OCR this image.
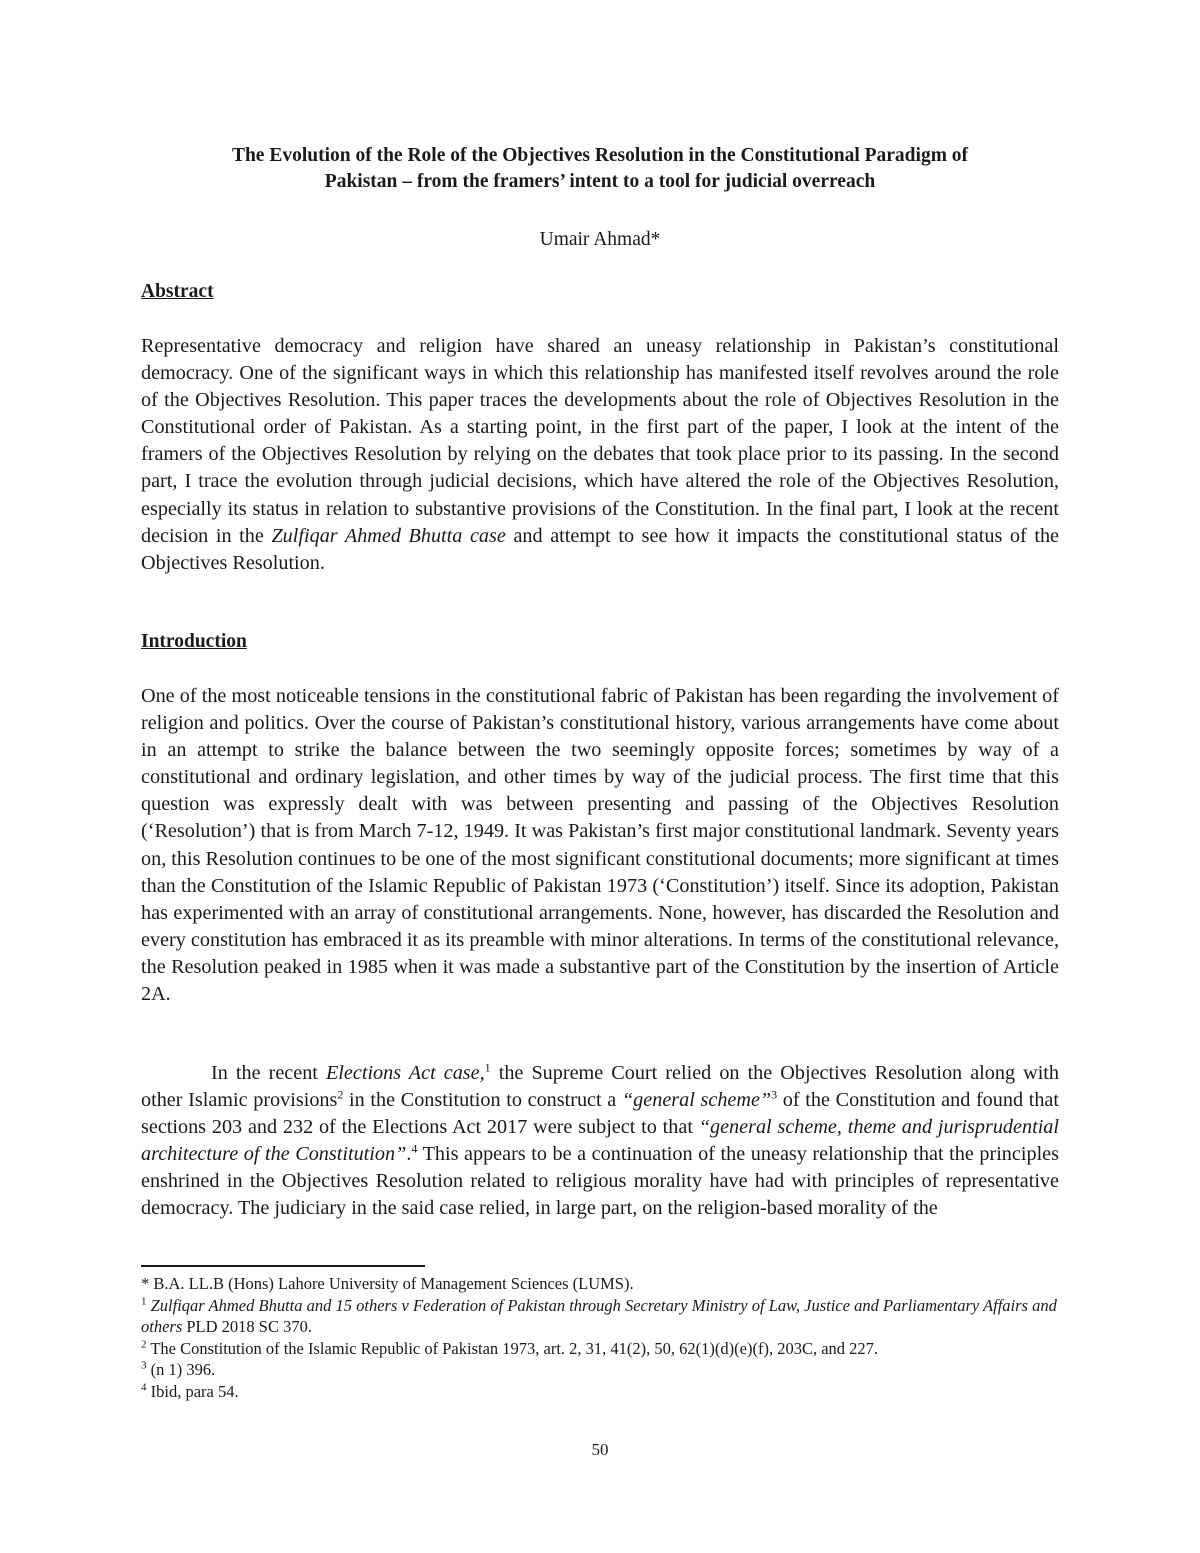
The Evolution of the Role of the Objectives Resolution in the Constitutional Paradigm of
Pakistan – from the framers’ intent to a tool for judicial overreach
Umair Ahmad*
Abstract

Representative democracy and religion have shared an uneasy relationship in Pakistan’s constitutional democracy. One of the significant ways in which this relationship has manifested itself revolves around the role of the Objectives Resolution. This paper traces the developments about the role of Objectives Resolution in the Constitutional order of Pakistan. As a starting point, in the first part of the paper, I look at the intent of the framers of the Objectives Resolution by relying on the debates that took place prior to its passing. In the second part, I trace the evolution through judicial decisions, which have altered the role of the Objectives Resolution, especially its status in relation to substantive provisions of the Constitution. In the final part, I look at the recent decision in the Zulfiqar Ahmed Bhutta case and attempt to see how it impacts the constitutional status of the Objectives Resolution.

Introduction

One of the most noticeable tensions in the constitutional fabric of Pakistan has been regarding the involvement of religion and politics. Over the course of Pakistan’s constitutional history, various arrangements have come about in an attempt to strike the balance between the two seemingly opposite forces; sometimes by way of a constitutional and ordinary legislation, and other times by way of the judicial process. The first time that this question was expressly dealt with was between presenting and passing of the Objectives Resolution (‘Resolution’) that is from March 7-12, 1949. It was Pakistan’s first major constitutional landmark. Seventy years on, this Resolution continues to be one of the most significant constitutional documents; more significant at times than the Constitution of the Islamic Republic of Pakistan 1973 (‘Constitution’) itself. Since its adoption, Pakistan has experimented with an array of constitutional arrangements. None, however, has discarded the Resolution and every constitution has embraced it as its preamble with minor alterations. In terms of the constitutional relevance, the Resolution peaked in 1985 when it was made a substantive part of the Constitution by the insertion of Article 2A.

In the recent Elections Act case,$^1$ the Supreme Court relied on the Objectives Resolution along with other Islamic provisions$^2$ in the Constitution to construct a “general scheme”$^3$ of the Constitution and found that sections 203 and 232 of the Elections Act 2017 were subject to that “general scheme, theme and jurisprudential architecture of the Constitution”.$^4$ This appears to be a continuation of the uneasy relationship that the principles enshrined in the Objectives Resolution related to religious morality have had with principles of representative democracy. The judiciary in the said case relied, in large part, on the religion-based morality of the

* B.A. LL.B (Hons) Lahore University of Management Sciences (LUMS).

$^1$ Zulfiqar Ahmed Bhutta and 15 others v Federation of Pakistan through Secretary Ministry of Law, Justice and Parliamentary Affairs and others PLD 2018 SC 370.

$^2$ The Constitution of the Islamic Republic of Pakistan 1973, art. 2, 31, 41(2), 50, 62(1)(d)(e)(f), 203C, and 227.

$^3$ (n 1) 396.

$^4$ Ibid, para 54.

50
